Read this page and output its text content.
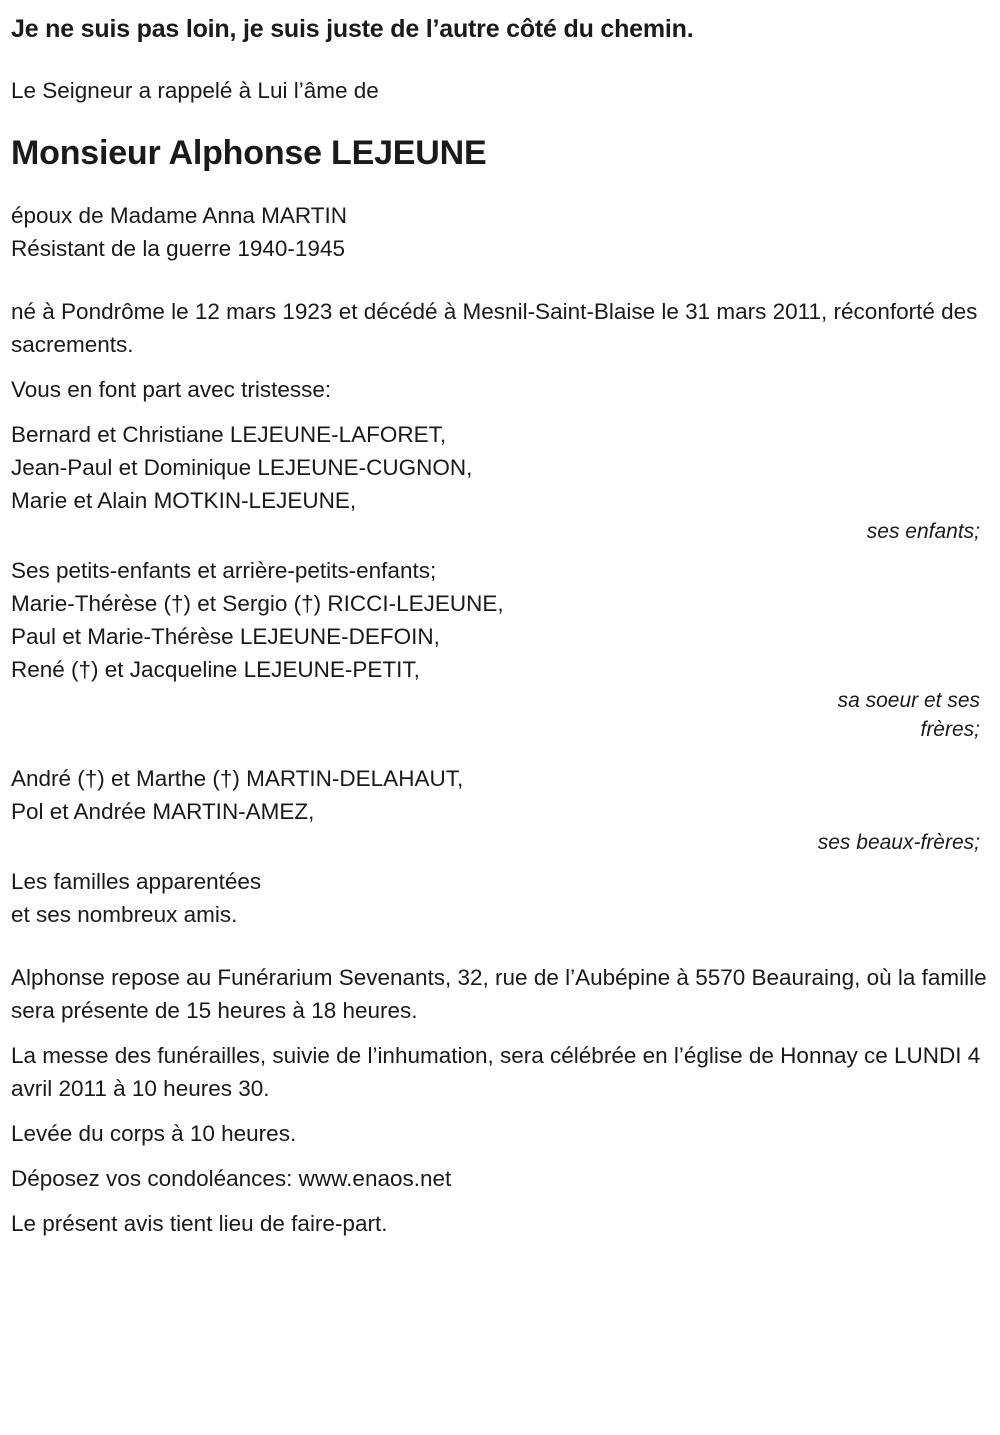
Je ne suis pas loin, je suis juste de l’autre côté du chemin.

Le Seigneur a rappelé à Lui l’âme de

Monsieur Alphonse LEJEUNE

époux de Madame Anna MARTIN

Résistant de la guerre 1940-1945

né à Pondrôme le 12 mars 1923 et décédé à Mesnil-Saint-Blaise le 31 mars 2011, réconforté des sacrements.

Vous en font part avec tristesse:

Bernard et Christiane LEJEUNE-LAFORET,

Jean-Paul et Dominique LEJEUNE-CUGNON,

Marie et Alain MOTKIN-LEJEUNE,

ses enfants;

Ses petits-enfants et arrière-petits-enfants;

Marie-Thérèse (†) et Sergio (†) RICCI-LEJEUNE,

Paul et Marie-Thérèse LEJEUNE-DEFOIN,

René (†) et Jacqueline LEJEUNE-PETIT,

sa soeur et ses

frères;

André (†) et Marthe (†) MARTIN-DELAHAUT,

Pol et Andrée MARTIN-AMEZ,

ses beaux-frères;

Les familles apparentées

et ses nombreux amis.

Alphonse repose au Funérarium Sevenants, 32, rue de l’Aubépine à 5570 Beauraing, où la famille sera présente de 15 heures à 18 heures.

La messe des funérailles, suivie de l’inhumation, sera célébrée en l’église de Honnay ce LUNDI 4 avril 2011 à 10 heures 30.

Levée du corps à 10 heures.

Déposez vos condoléances: www.enaos.net

Le présent avis tient lieu de faire-part.
